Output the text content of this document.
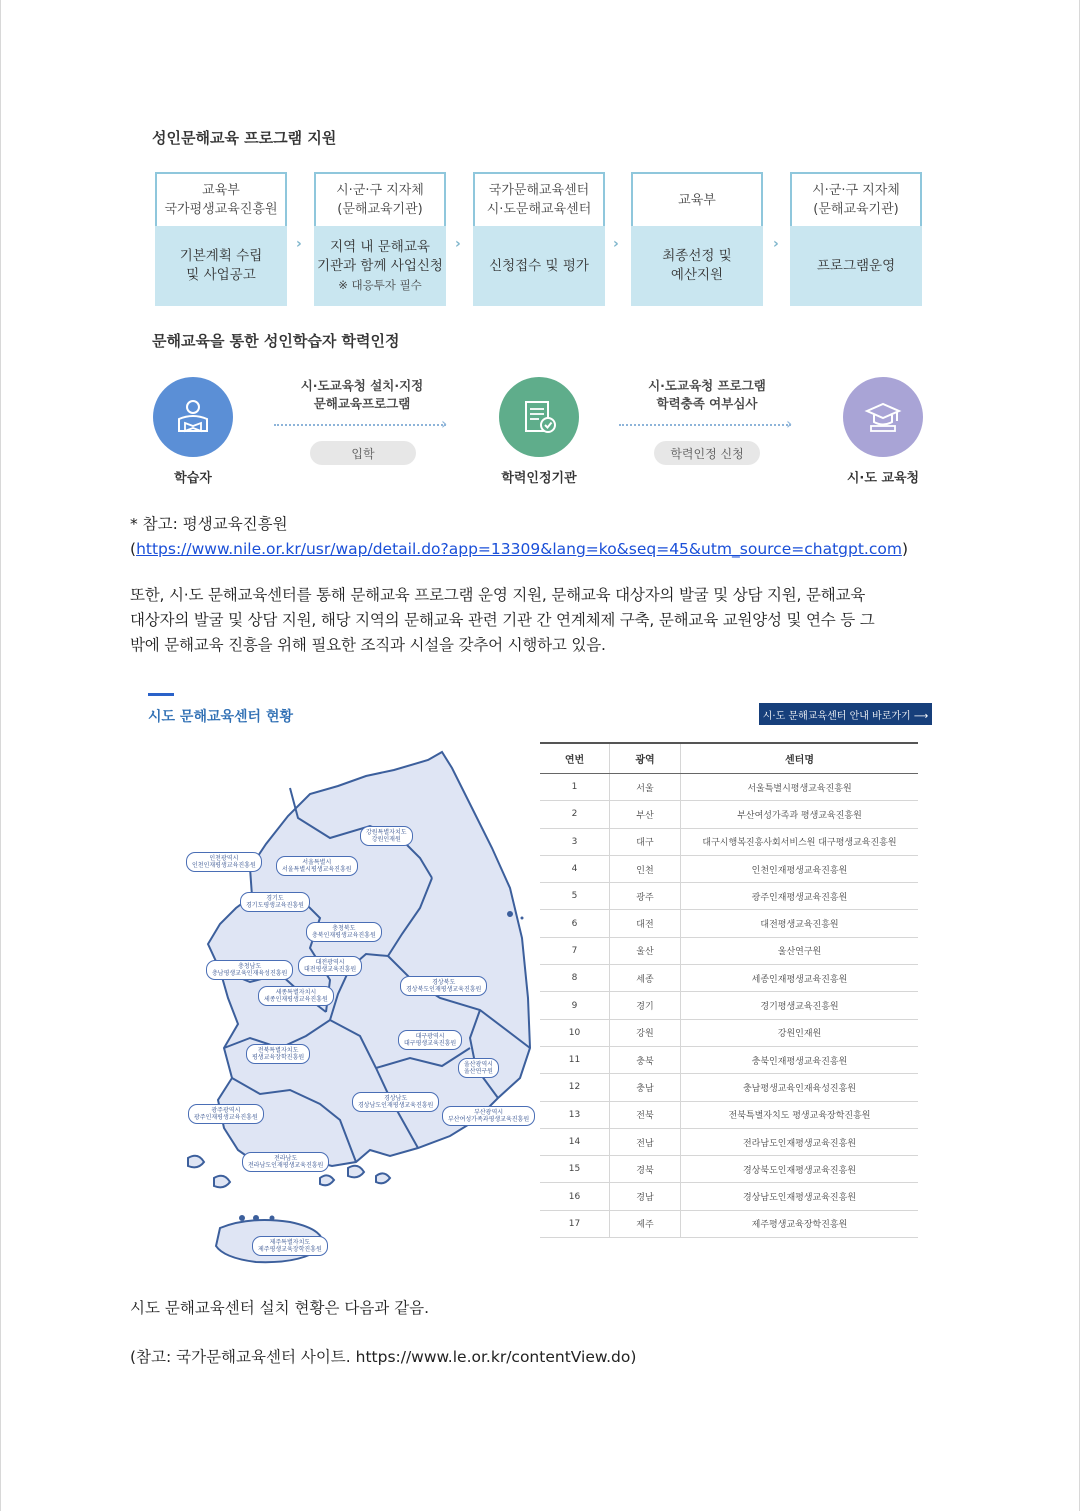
성인문해교육 프로그램 지원
교육부
국가평생교육진흥원
기본계획 수립
및 사업공고
›
시·군·구 지자체
(문해교육기관)
지역 내 문해교육
기관과 함께 사업신청
※ 대응투자 필수
›
국가문해교육센터
시·도문해교육센터
신청접수 및 평가
›
교육부
최종선정 및
예산지원
›
시·군·구 지자체
(문해교육기관)
프로그램운영
문해교육을 통한 성인학습자 학력인정
학습자	학력인정기관	시·도 교육청
시·도교육청 설치·지정
문해교육프로그램
›
입학
시·도교육청 프로그램
학력충족 여부심사
›
학력인정 신청
* 참고: 평생교육진흥원
(https://www.nile.or.kr/usr/wap/detail.do?app=13309&lang=ko&seq=45&utm_source=chatgpt.com)
또한, 시·도 문해교육센터를 통해 문해교육 프로그램 운영 지원, 문해교육 대상자의 발굴 및 상담 지원, 문해교육
대상자의 발굴 및 상담 지원, 해당 지역의 문해교육 관련 기관 간 연계체제 구축, 문해교육 교원양성 및 연수 등 그
밖에 문해교육 진흥을 위해 필요한 조직과 시설을 갖추어 시행하고 있음.
시도 문해교육센터 현황	시·도 문해교육센터 안내 바로가기 ⟶
강원특별자치도
강원인재원
인천광역시
인천인재평생교육진흥원	서울특별시
서울특별시평생교육진흥원
경기도
경기도평생교육진흥원
충청북도
충북인재평생교육진흥원
충청남도
충남평생교육인재육성진흥원
대전광역시
대전평생교육진흥원
세종특별자치시
세종인재평생교육진흥원
경상북도
경상북도인재평생교육진흥원
대구광역시
대구평생교육진흥원
전북특별자치도
평생교육장학진흥원
울산광역시
울산연구원
경상남도
경상남도인재평생교육진흥원
광주광역시
광주인재평생교육진흥원
부산광역시
부산여성가족과평생교육진흥원
전라남도
전라남도인재평생교육진흥원
제주특별자치도
제주평생교육장학진흥원
연번	광역	센터명
1	서울	서울특별시평생교육진흥원
2	부산	부산여성가족과 평생교육진흥원
3	대구	대구시행복진흥사회서비스원 대구평생교육진흥원
4	인천	인천인재평생교육진흥원
5	광주	광주인재평생교육진흥원
6	대전	대전평생교육진흥원
7	울산	울산연구원
8	세종	세종인재평생교육진흥원
9	경기	경기평생교육진흥원
10	강원	강원인재원
11	충북	충북인재평생교육진흥원
12	충남	충남평생교육인재육성진흥원
13	전북	전북특별자치도 평생교육장학진흥원
14	전남	전라남도인재평생교육진흥원
15	경북	경상북도인재평생교육진흥원
16	경남	경상남도인재평생교육진흥원
17	제주	제주평생교육장학진흥원
시도 문해교육센터 설치 현황은 다음과 같음.
(참고: 국가문해교육센터 사이트. https://www.le.or.kr/contentView.do)
